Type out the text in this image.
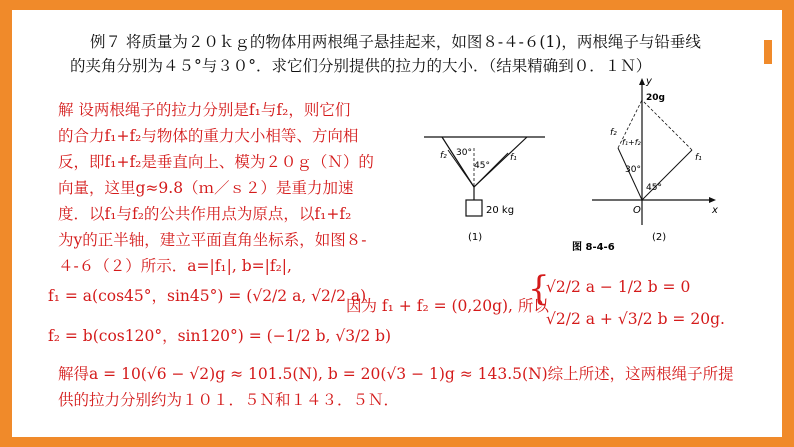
例７ 将质量为２０ｋｇ的物体用两根绳子悬挂起来，如图８-４-６(1)，两根绳子与铅垂线
的夹角分别为４５°与３０°．求它们分别提供的拉力的大小．（结果精确到０．１Ｎ）
解 设两根绳子的拉力分别是f₁与f₂，则它们
的合力f₁+f₂与物体的重力大小相等、方向相
反，即f₁+f₂是垂直向上、模为２０ｇ（Ｎ）的
向量，这里g≈9.8（ｍ／ｓ２）是重力加速
度．以f₁与f₂的公共作用点为原点，以f₁+f₂
为y的正半轴，建立平面直角坐标系，如图８-
４-６（２）所示．a=|f₁|, b=|f₂|,
f₁ = a(cos45°，sin45°) = (√2/2 a, √2/2 a)
f₂ = b(cos120°，sin120°) = (−1/2 b, √3/2 b)
因为 f₁ + f₂ = (0,20g), 所以
{
√2/2 a − 1/2 b = 0
√2/2 a + √3/2 b = 20g.
解得a = 10(√6 − √2)g ≈ 101.5(N), b = 20(√3 − 1)g ≈ 143.5(N)综上所述，这两根绳子所提
供的拉力分别约为１０１．５Ｎ和１４３．５Ｎ．
20 kg
30°
45°
f₂	f₁
(1)
y
x
O
20g
f₂
f₁
f₁+f₂
30°
45°
(2)
图 8-4-6
